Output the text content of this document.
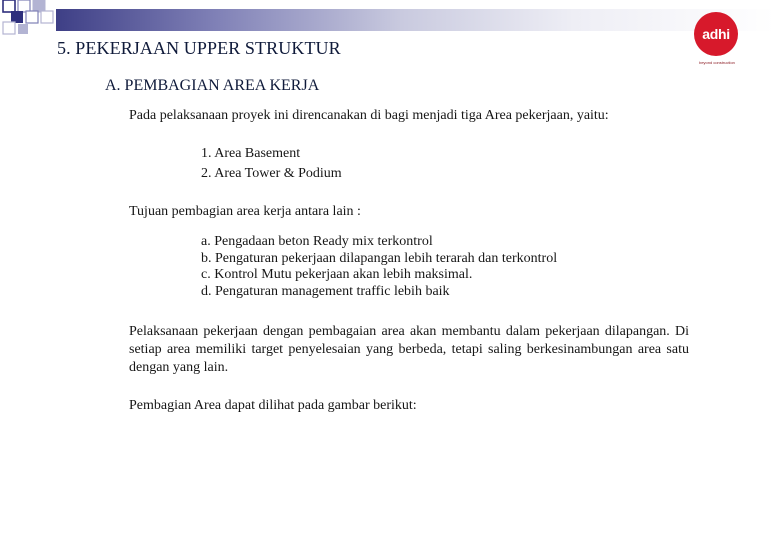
adhi
beyond construction
5. PEKERJAAN UPPER STRUKTUR
A. PEMBAGIAN AREA KERJA

Pada pelaksanaan proyek ini direncanakan di bagi menjadi tiga Area pekerjaan, yaitu:

1. Area Basement
2. Area Tower & Podium

Tujuan pembagian area kerja antara lain :

a. Pengadaan beton Ready mix terkontrol
b. Pengaturan pekerjaan dilapangan lebih terarah dan terkontrol
c. Kontrol Mutu pekerjaan akan lebih maksimal.
d. Pengaturan management traffic lebih baik

Pelaksanaan pekerjaan dengan pembagaian area akan membantu dalam pekerjaan dilapangan. Di setiap area memiliki target penyelesaian yang berbeda, tetapi saling berkesinambungan area satu dengan yang lain.

Pembagian Area dapat dilihat pada gambar berikut:
